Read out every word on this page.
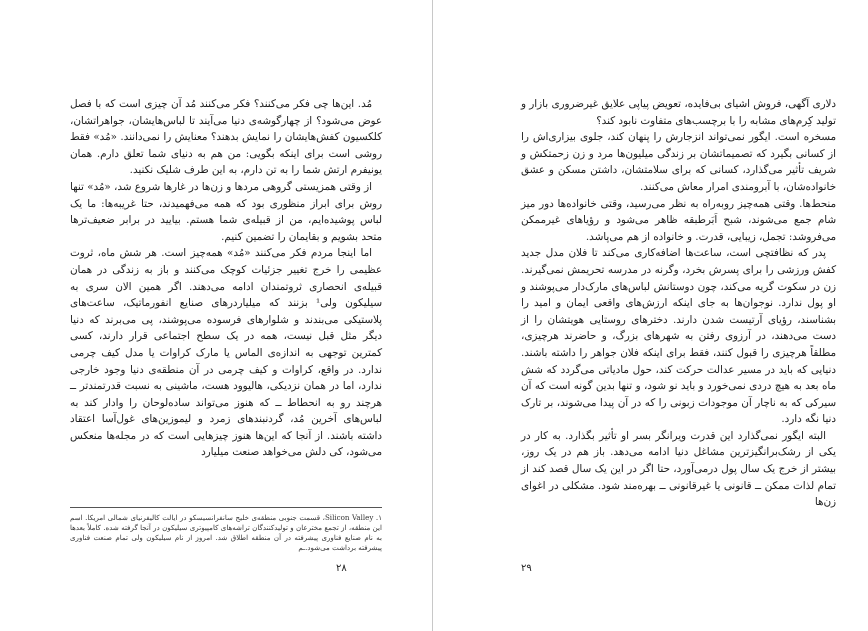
مُد. این‌ها چی فکر می‌کنند؟ فکر می‌کنند مُد آن چیزی است که با فصل عوض می‌شود؟ از چهارگوشه‌ی دنیا می‌آیند تا لباس‌هایشان، جواهراتشان، کلکسیون کفش‌هایشان را نمایش بدهند؟ معنایش را نمی‌دانند. «مُد» فقط روشی است برای اینکه بگویی: من هم به دنیای شما تعلق دارم. همان یونیفرم ارتش شما را به تن دارم، به این طرف شلیک نکنید.

از وقتی همزیستی گروهی مردها و زن‌ها در غارها شروع شد، «مُد» تنها روش برای ابراز منظوری بود که همه می‌فهمیدند، حتا غریبه‌ها: ما یک لباس پوشیده‌ایم، من از قبیله‌ی شما هستم. بیایید در برابر ضعیف‌ترها متحد بشویم و بقایمان را تضمین کنیم.

اما اینجا مردم فکر می‌کنند «مُد» همه‌چیز است. هر شش ماه، ثروت عظیمی را خرج تغییر جزئیات کوچک می‌کنند و باز به زندگی در همان قبیله‌ی انحصاری ثروتمندان ادامه می‌دهند. اگر همین الان سری به سیلیکون ولی¹ بزنند که میلیاردرهای صنایع انفورماتیک، ساعت‌های پلاستیکی می‌بندند و شلوارهای فرسوده می‌پوشند، پی می‌برند که دنیا دیگر مثل قبل نیست، همه در یک سطح اجتماعی قرار دارند، کسی کمترین توجهی به اندازه‌ی الماس یا مارک کراوات یا مدل کیف چرمی ندارد. در واقع، کراوات و کیف چرمی در آن منطقه‌ی دنیا وجود خارجی ندارد، اما در همان نزدیکی، هالیوود هست، ماشینی به نسبت قدرتمندتر ــ هرچند رو به انحطاط ــ که هنوز می‌تواند ساده‌لوحان را وادار کند به لباس‌های آخرین مُد، گردنبندهای زمرد و لیموزین‌های غول‌آسا اعتقاد داشته باشند. از آنجا که این‌ها هنوز چیزهایی است که در مجله‌ها منعکس می‌شود، کی دلش می‌خواهد صنعت میلیارد

۱. Silicon Valley، قسمت جنوبی منطقه‌ی خلیج سانفرانسیسکو در ایالت کالیفرنیای شمالی امریکا. اسم این منطقه، از تجمع مخترعان و تولیدکنندگان تراشه‌های کامپیوتری سیلیکون در آنجا گرفته شده. کاملاً بعدها به نام صنایع فناوری پیشرفته در آن منطقه اطلاق شد. امروز از نام سیلیکون ولی تمام صنعت فناوری پیشرفته برداشت می‌شود.ـم
۲۸

دلاری آگهی، فروش اشیای بی‌فایده، تعویض پیاپی علایق غیرضروری بازار و تولید کِرم‌های مشابه را با برچسب‌های متفاوت نابود کند؟

مسخره است. ایگور نمی‌تواند انزجارش را پنهان کند، جلوی بیزاری‌اش را از کسانی بگیرد که تصمیماتشان بر زندگی میلیون‌ها مرد و زن زحمتکش و شریف تأثیر می‌گذارد، کسانی که برای سلامتشان، داشتن مسکن و عشق خانواده‌شان، با آبرومندی امرار معاش می‌کنند.

منحط‌ها. وقتی همه‌چیز روبه‌راه به نظر می‌رسید، وقتی خانواده‌ها دور میز شام جمع می‌شوند، شبح اَبَرطبقه ظاهر می‌شود و رؤیاهای غیرممکن می‌فروشد: تجمل، زیبایی، قدرت. و خانواده از هم می‌پاشد.

پدر که نظافتچی است، ساعت‌ها اضافه‌کاری می‌کند تا فلان مدل جدید کفش ورزشی را برای پسرش بخرد، وگرنه در مدرسه تحریمش نمی‌گیرند. زن در سکوت گریه می‌کند، چون دوستانش لباس‌های مارک‌دار می‌پوشند و او پول ندارد. نوجوان‌ها به جای اینکه ارزش‌های واقعی ایمان و امید را بشناسند، رؤیای آرتیست شدن دارند. دخترهای روستایی هویتشان را از دست می‌دهند، در آرزوی رفتن به شهرهای بزرگ، و حاضرند هرچیزی، مطلقاً هرچیزی را قبول کنند، فقط برای اینکه فلان جواهر را داشته باشند. دنیایی که باید در مسیر عدالت حرکت کند، حول مادیاتی می‌گردد که شش ماه بعد به هیچ دردی نمی‌خورد و باید نو شود، و تنها بدین گونه است که آن سیرکی که به ناچار آن موجودات زبونی را که در آن پیدا می‌شوند، بر تارک دنیا نگه دارد.

البته ایگور نمی‌گذارد این قدرت ویرانگر بسر او تأثیر بگذارد. به کار در یکی از رشک‌برانگیزترین مشاغل دنیا ادامه می‌دهد. باز هم در یک روز، بیشتر از خرج یک سال پول درمی‌آورد، حتا اگر در این یک سال قصد کند از تمام لذات ممکن ــ قانونی یا غیرقانونی ــ بهره‌مند شود. مشکلی در اغوای زن‌ها

۲۹
